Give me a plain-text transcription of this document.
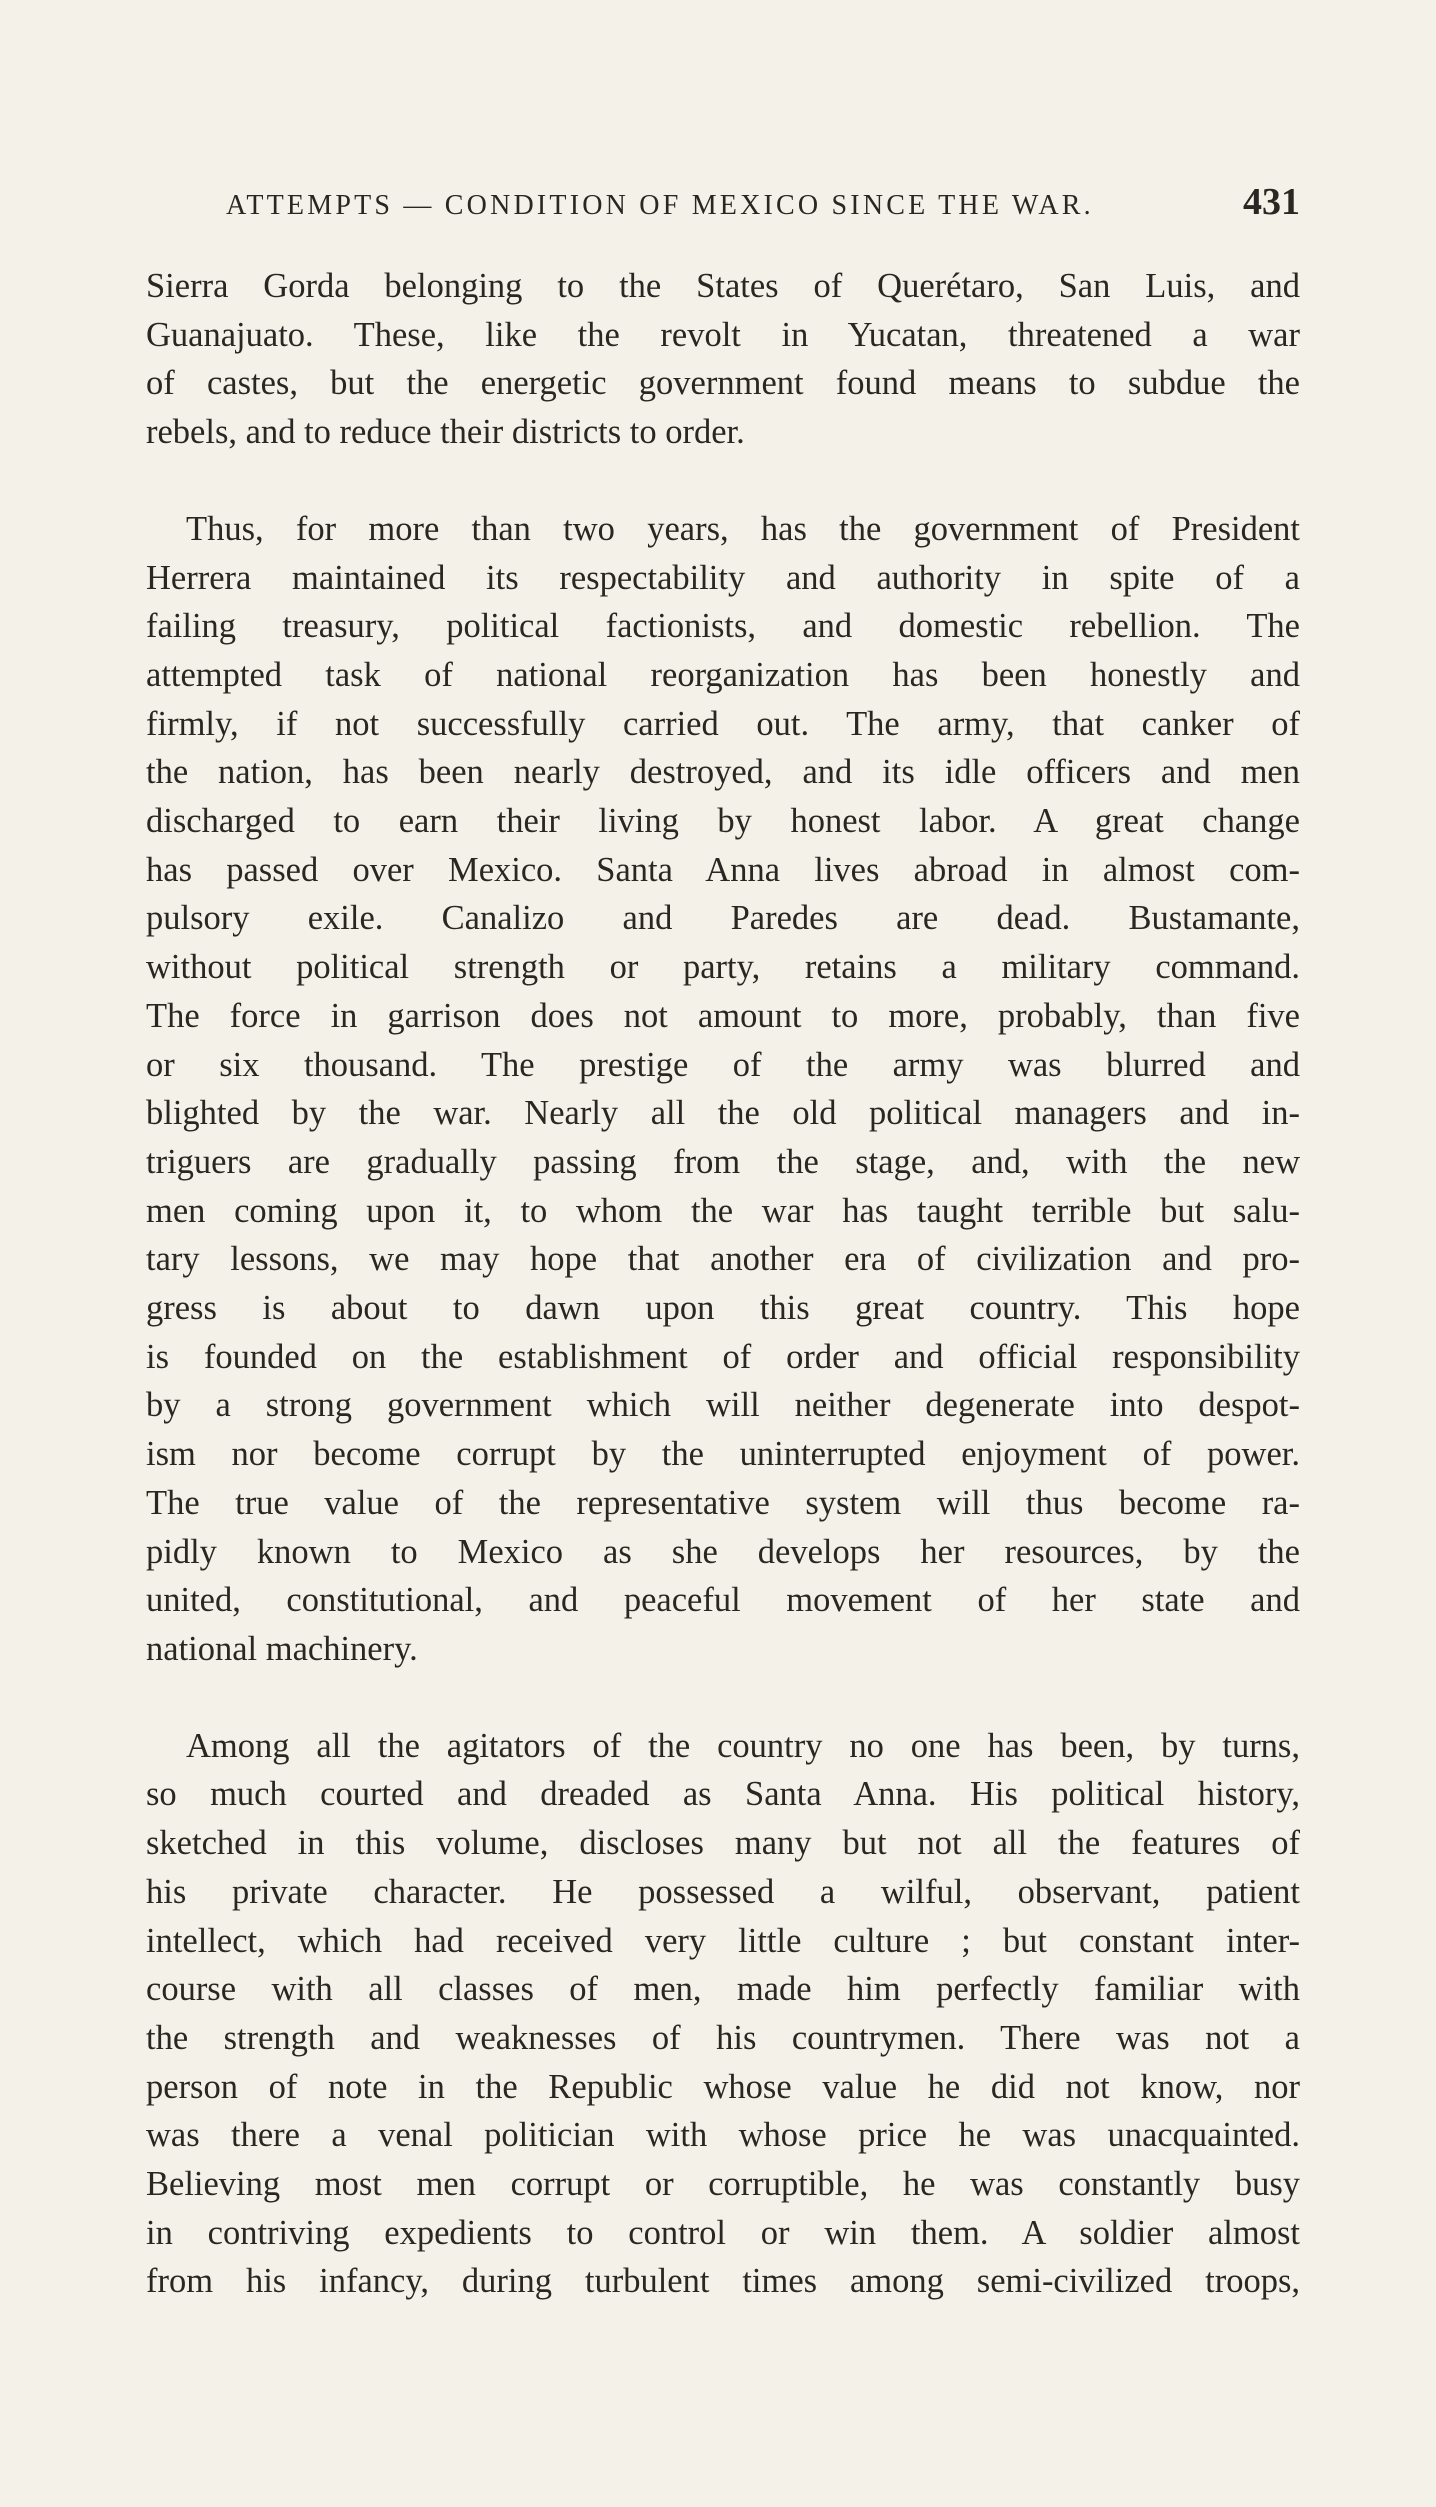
ATTEMPTS — CONDITION OF MEXICO SINCE THE WAR.	431

Sierra Gorda belonging to the States of Querétaro, San Luis, and

Guanajuato. These, like the revolt in Yucatan, threatened a war

of castes, but the energetic government found means to subdue the

rebels, and to reduce their districts to order.

Thus, for more than two years, has the government of President

Herrera maintained its respectability and authority in spite of a

failing treasury, political factionists, and domestic rebellion. The

attempted task of national reorganization has been honestly and

firmly, if not successfully carried out. The army, that canker of

the nation, has been nearly destroyed, and its idle officers and men

discharged to earn their living by honest labor. A great change

has passed over Mexico. Santa Anna lives abroad in almost com-

pulsory exile. Canalizo and Paredes are dead. Bustamante,

without political strength or party, retains a military command.

The force in garrison does not amount to more, probably, than five

or six thousand. The prestige of the army was blurred and

blighted by the war. Nearly all the old political managers and in-

triguers are gradually passing from the stage, and, with the new

men coming upon it, to whom the war has taught terrible but salu-

tary lessons, we may hope that another era of civilization and pro-

gress is about to dawn upon this great country. This hope

is founded on the establishment of order and official responsibility

by a strong government which will neither degenerate into despot-

ism nor become corrupt by the uninterrupted enjoyment of power.

The true value of the representative system will thus become ra-

pidly known to Mexico as she develops her resources, by the

united, constitutional, and peaceful movement of her state and

national machinery.

Among all the agitators of the country no one has been, by turns,

so much courted and dreaded as Santa Anna. His political history,

sketched in this volume, discloses many but not all the features of

his private character. He possessed a wilful, observant, patient

intellect, which had received very little culture ; but constant inter-

course with all classes of men, made him perfectly familiar with

the strength and weaknesses of his countrymen. There was not a

person of note in the Republic whose value he did not know, nor

was there a venal politician with whose price he was unacquainted.

Believing most men corrupt or corruptible, he was constantly busy

in contriving expedients to control or win them. A soldier almost

from his infancy, during turbulent times among semi-civilized troops,
